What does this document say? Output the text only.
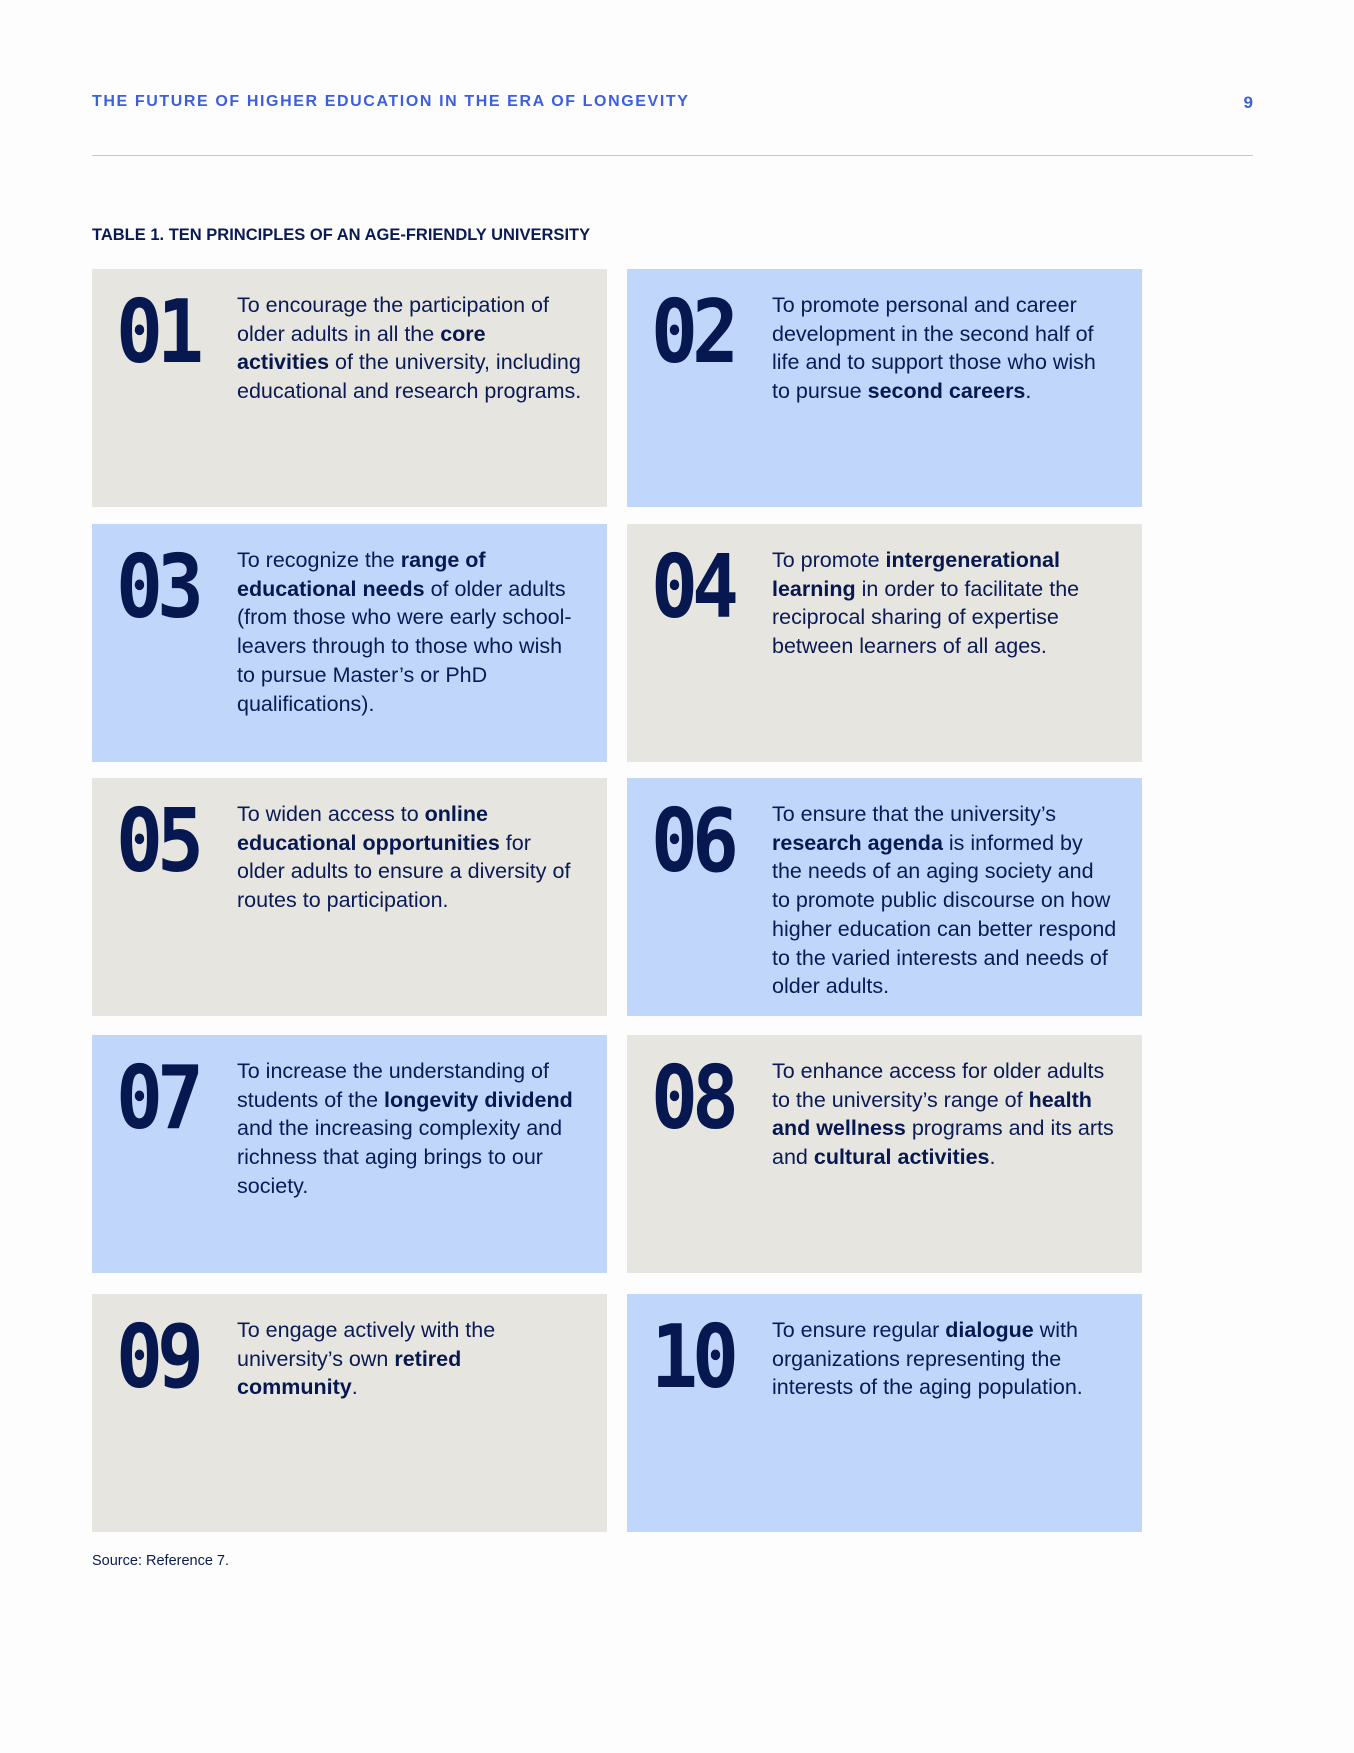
THE FUTURE OF HIGHER EDUCATION IN THE ERA OF LONGEVITY	9
TABLE 1. TEN PRINCIPLES OF AN AGE-FRIENDLY UNIVERSITY
01 To encourage the participation of older adults in all the core activities of the university, including educational and research programs.
02 To promote personal and career development in the second half of life and to support those who wish to pursue second careers.
03 To recognize the range of educational needs of older adults (from those who were early school-leavers through to those who wish to pursue Master’s or PhD qualifications).
04 To promote intergenerational learning in order to facilitate the reciprocal sharing of expertise between learners of all ages.
05 To widen access to online educational opportunities for older adults to ensure a diversity of routes to participation.
06 To ensure that the university’s research agenda is informed by the needs of an aging society and to promote public discourse on how higher education can better respond to the varied interests and needs of older adults.
07 To increase the understanding of students of the longevity dividend and the increasing complexity and richness that aging brings to our society.
08 To enhance access for older adults to the university’s range of health and wellness programs and its arts and cultural activities.
09 To engage actively with the university’s own retired community.	10 To ensure regular dialogue with organizations representing the interests of the aging population.
Source: Reference 7.
